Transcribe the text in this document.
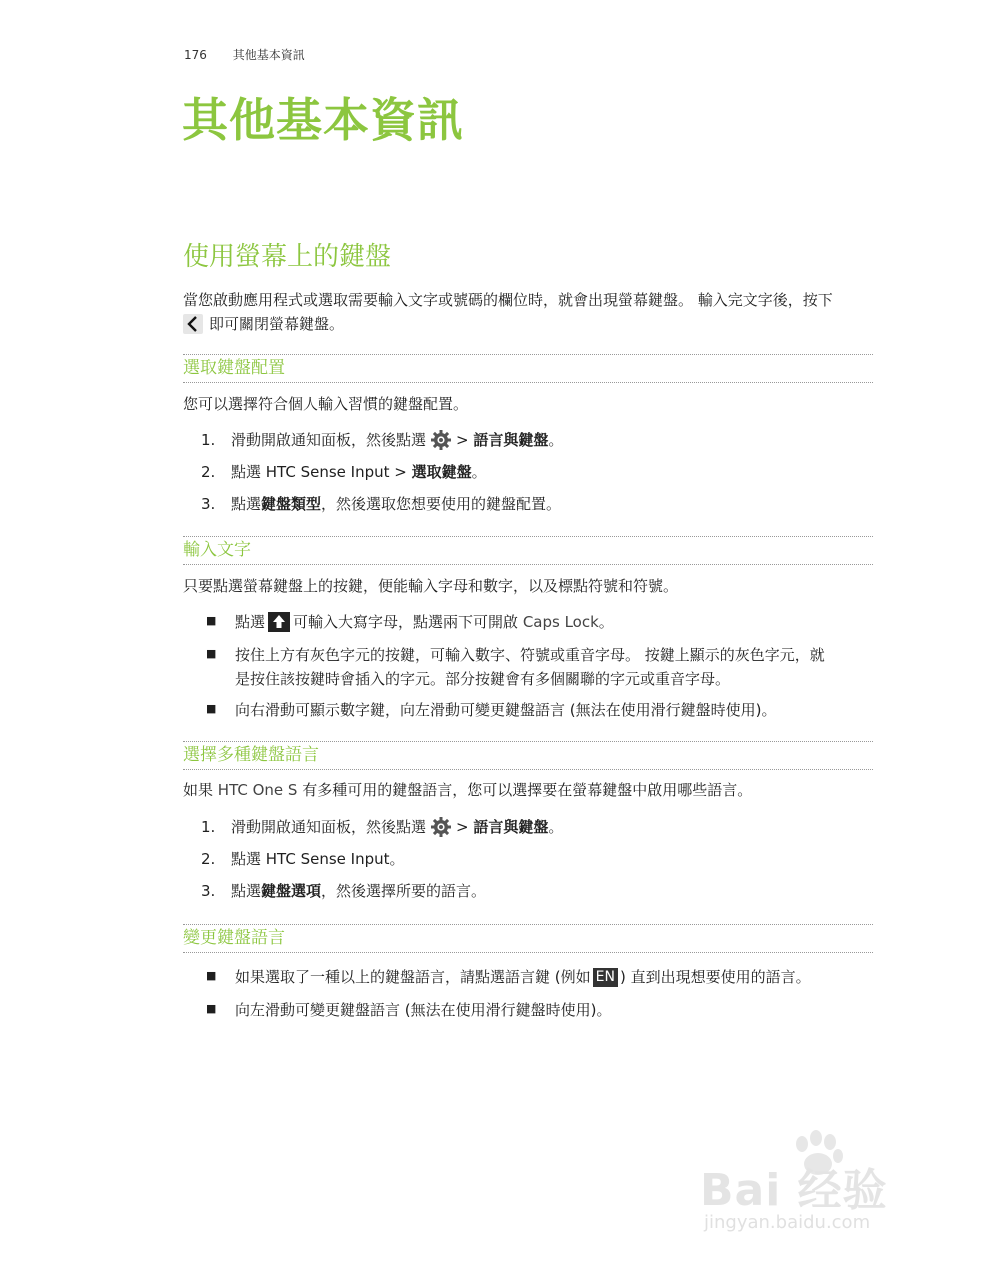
176 其他基本資訊
其他基本資訊
使用螢幕上的鍵盤
當您啟動應用程式或選取需要輸入文字或號碼的欄位時，就會出現螢幕鍵盤。 輸入完文字後，按下
即可關閉螢幕鍵盤。
選取鍵盤配置
您可以選擇符合個人輸入習慣的鍵盤配置。
1. 滑動開啟通知面板，然後點選 > 語言與鍵盤。
2. 點選 HTC Sense Input > 選取鍵盤。
3. 點選鍵盤類型，然後選取您想要使用的鍵盤配置。
輸入文字
只要點選螢幕鍵盤上的按鍵，便能輸入字母和數字，以及標點符號和符號。
■ 點選 可輸入大寫字母，點選兩下可開啟 Caps Lock。
■ 按住上方有灰色字元的按鍵，可輸入數字、符號或重音字母。 按鍵上顯示的灰色字元，就
是按住該按鍵時會插入的字元。部分按鍵會有多個關聯的字元或重音字母。
■ 向右滑動可顯示數字鍵，向左滑動可變更鍵盤語言 (無法在使用滑行鍵盤時使用)。
選擇多種鍵盤語言
如果 HTC One S 有多種可用的鍵盤語言，您可以選擇要在螢幕鍵盤中啟用哪些語言。
1. 滑動開啟通知面板，然後點選 > 語言與鍵盤。
2. 點選 HTC Sense Input。
3. 點選鍵盤選項，然後選擇所要的語言。
變更鍵盤語言
■ 如果選取了一種以上的鍵盤語言，請點選語言鍵 (例如 EN ) 直到出現想要使用的語言。
■ 向左滑動可變更鍵盤語言 (無法在使用滑行鍵盤時使用)。
Bai 经验
jingyan.baidu.com
